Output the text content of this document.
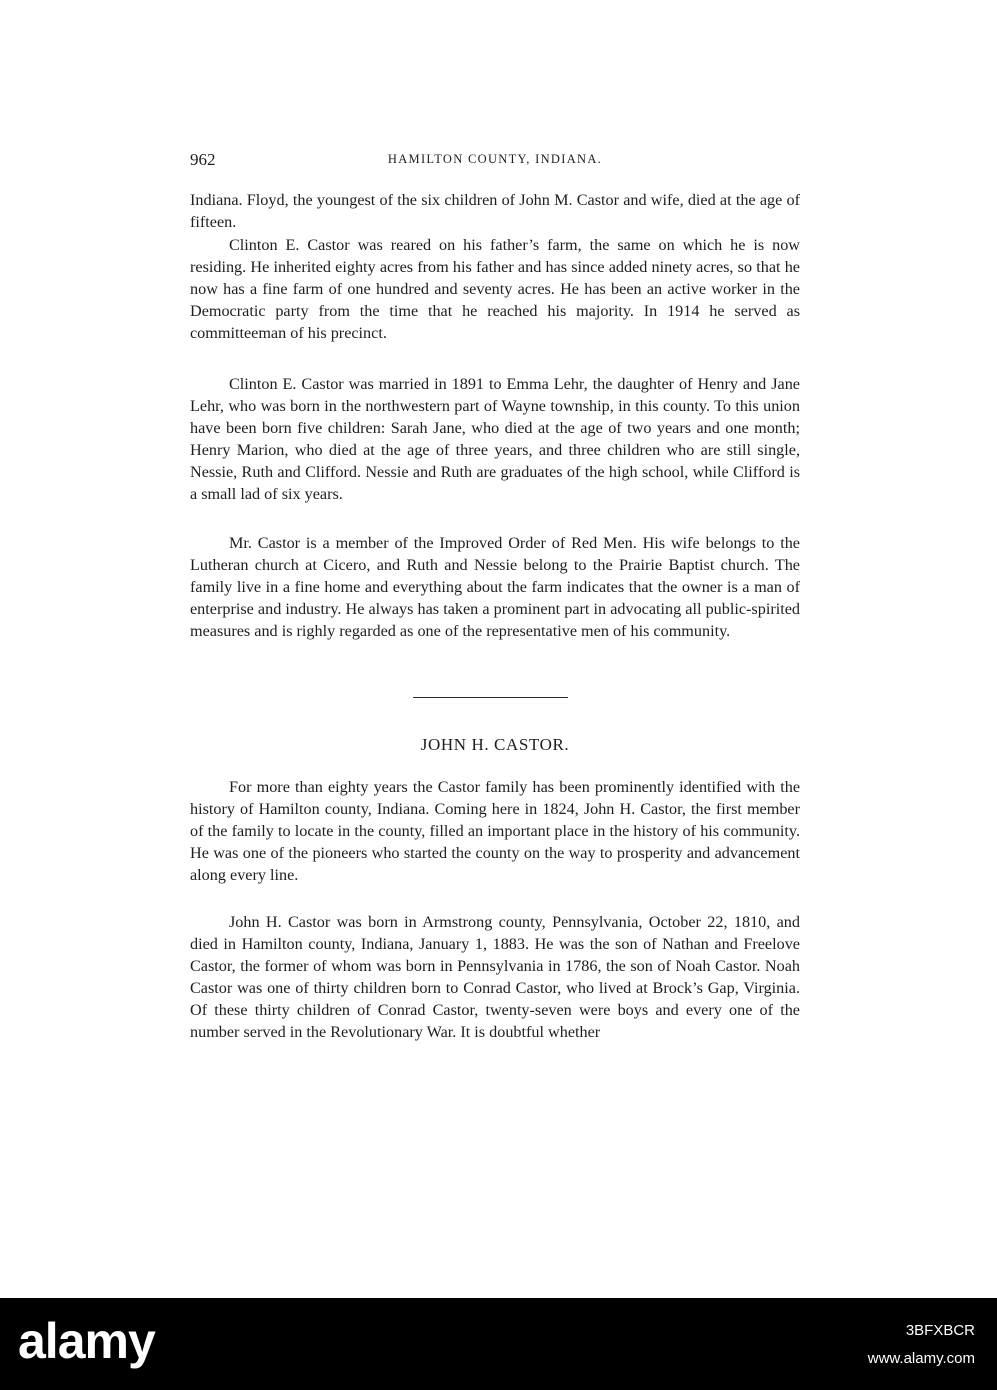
962	HAMILTON COUNTY, INDIANA.

Indiana. Floyd, the youngest of the six children of John M. Castor and wife, died at the age of fifteen.

Clinton E. Castor was reared on his father’s farm, the same on which he is now residing. He inherited eighty acres from his father and has since added ninety acres, so that he now has a fine farm of one hundred and seventy acres. He has been an active worker in the Democratic party from the time that he reached his majority. In 1914 he served as committeeman of his precinct.

Clinton E. Castor was married in 1891 to Emma Lehr, the daughter of Henry and Jane Lehr, who was born in the northwestern part of Wayne township, in this county. To this union have been born five children: Sarah Jane, who died at the age of two years and one month; Henry Marion, who died at the age of three years, and three children who are still single, Nessie, Ruth and Clifford. Nessie and Ruth are graduates of the high school, while Clifford is a small lad of six years.

Mr. Castor is a member of the Improved Order of Red Men. His wife belongs to the Lutheran church at Cicero, and Ruth and Nessie belong to the Prairie Baptist church. The family live in a fine home and everything about the farm indicates that the owner is a man of enterprise and industry. He always has taken a prominent part in advocating all public-spirited measures and is righly regarded as one of the representative men of his community.

JOHN H. CASTOR.

For more than eighty years the Castor family has been prominently identified with the history of Hamilton county, Indiana. Coming here in 1824, John H. Castor, the first member of the family to locate in the county, filled an important place in the history of his community. He was one of the pioneers who started the county on the way to prosperity and advancement along every line.

John H. Castor was born in Armstrong county, Pennsylvania, October 22, 1810, and died in Hamilton county, Indiana, January 1, 1883. He was the son of Nathan and Freelove Castor, the former of whom was born in Pennsylvania in 1786, the son of Noah Castor. Noah Castor was one of thirty children born to Conrad Castor, who lived at Brock’s Gap, Virginia. Of these thirty children of Conrad Castor, twenty-seven were boys and every one of the number served in the Revolutionary War. It is doubtful whether

alamy	3BFXBCR
www.alamy.com
